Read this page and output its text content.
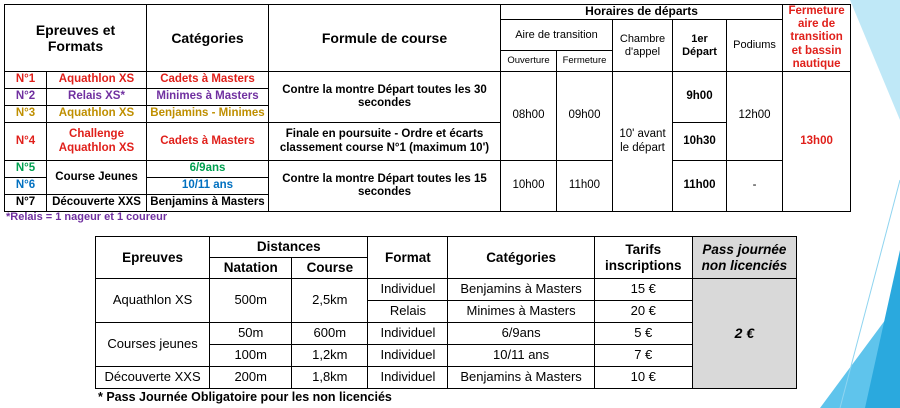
Epreuves et Formats		Catégories	Formule de course	Horaires de départs					Fermeture aire de transition et bassin nautique
				Aire de transition		Chambre d'appel	1er Départ	Podiums	
				Ouverture	Fermeture				
N°1	Aquathlon XS	Cadets à Masters	Contre la montre Départ toutes les 30 secondes	08h00	09h00	10' avant le départ	9h00	12h00	13h00
N°2	Relais XS*	Minimes à Masters							
N°3	Aquathlon XS	Benjamins - Minimes							
N°4	Challenge Aquathlon XS	Cadets à Masters	Finale en poursuite - Ordre et écarts classement course N°1 (maximum 10')				10h30		
N°5	Course Jeunes	6/9ans	Contre la montre Départ toutes les 15 secondes	10h00	11h00		11h00	-	
N°6		10/11 ans							
N°7	Découverte XXS	Benjamins à Masters							
*Relais = 1 nageur et 1 coureur
Epreuves	Distances		Format	Catégories	Tarifs inscriptions	Pass journée non licenciés
	Natation	Course				
Aquathlon XS	500m	2,5km	Individuel	Benjamins à Masters	15 €	2 €
			Relais	Minimes à Masters	20 €	
Courses jeunes	50m	600m	Individuel	6/9ans	5 €	
	100m	1,2km	Individuel	10/11 ans	7 €	
Découverte XXS	200m	1,8km	Individuel	Benjamins à Masters	10 €	
* Pass Journée Obligatoire pour les non licenciés
